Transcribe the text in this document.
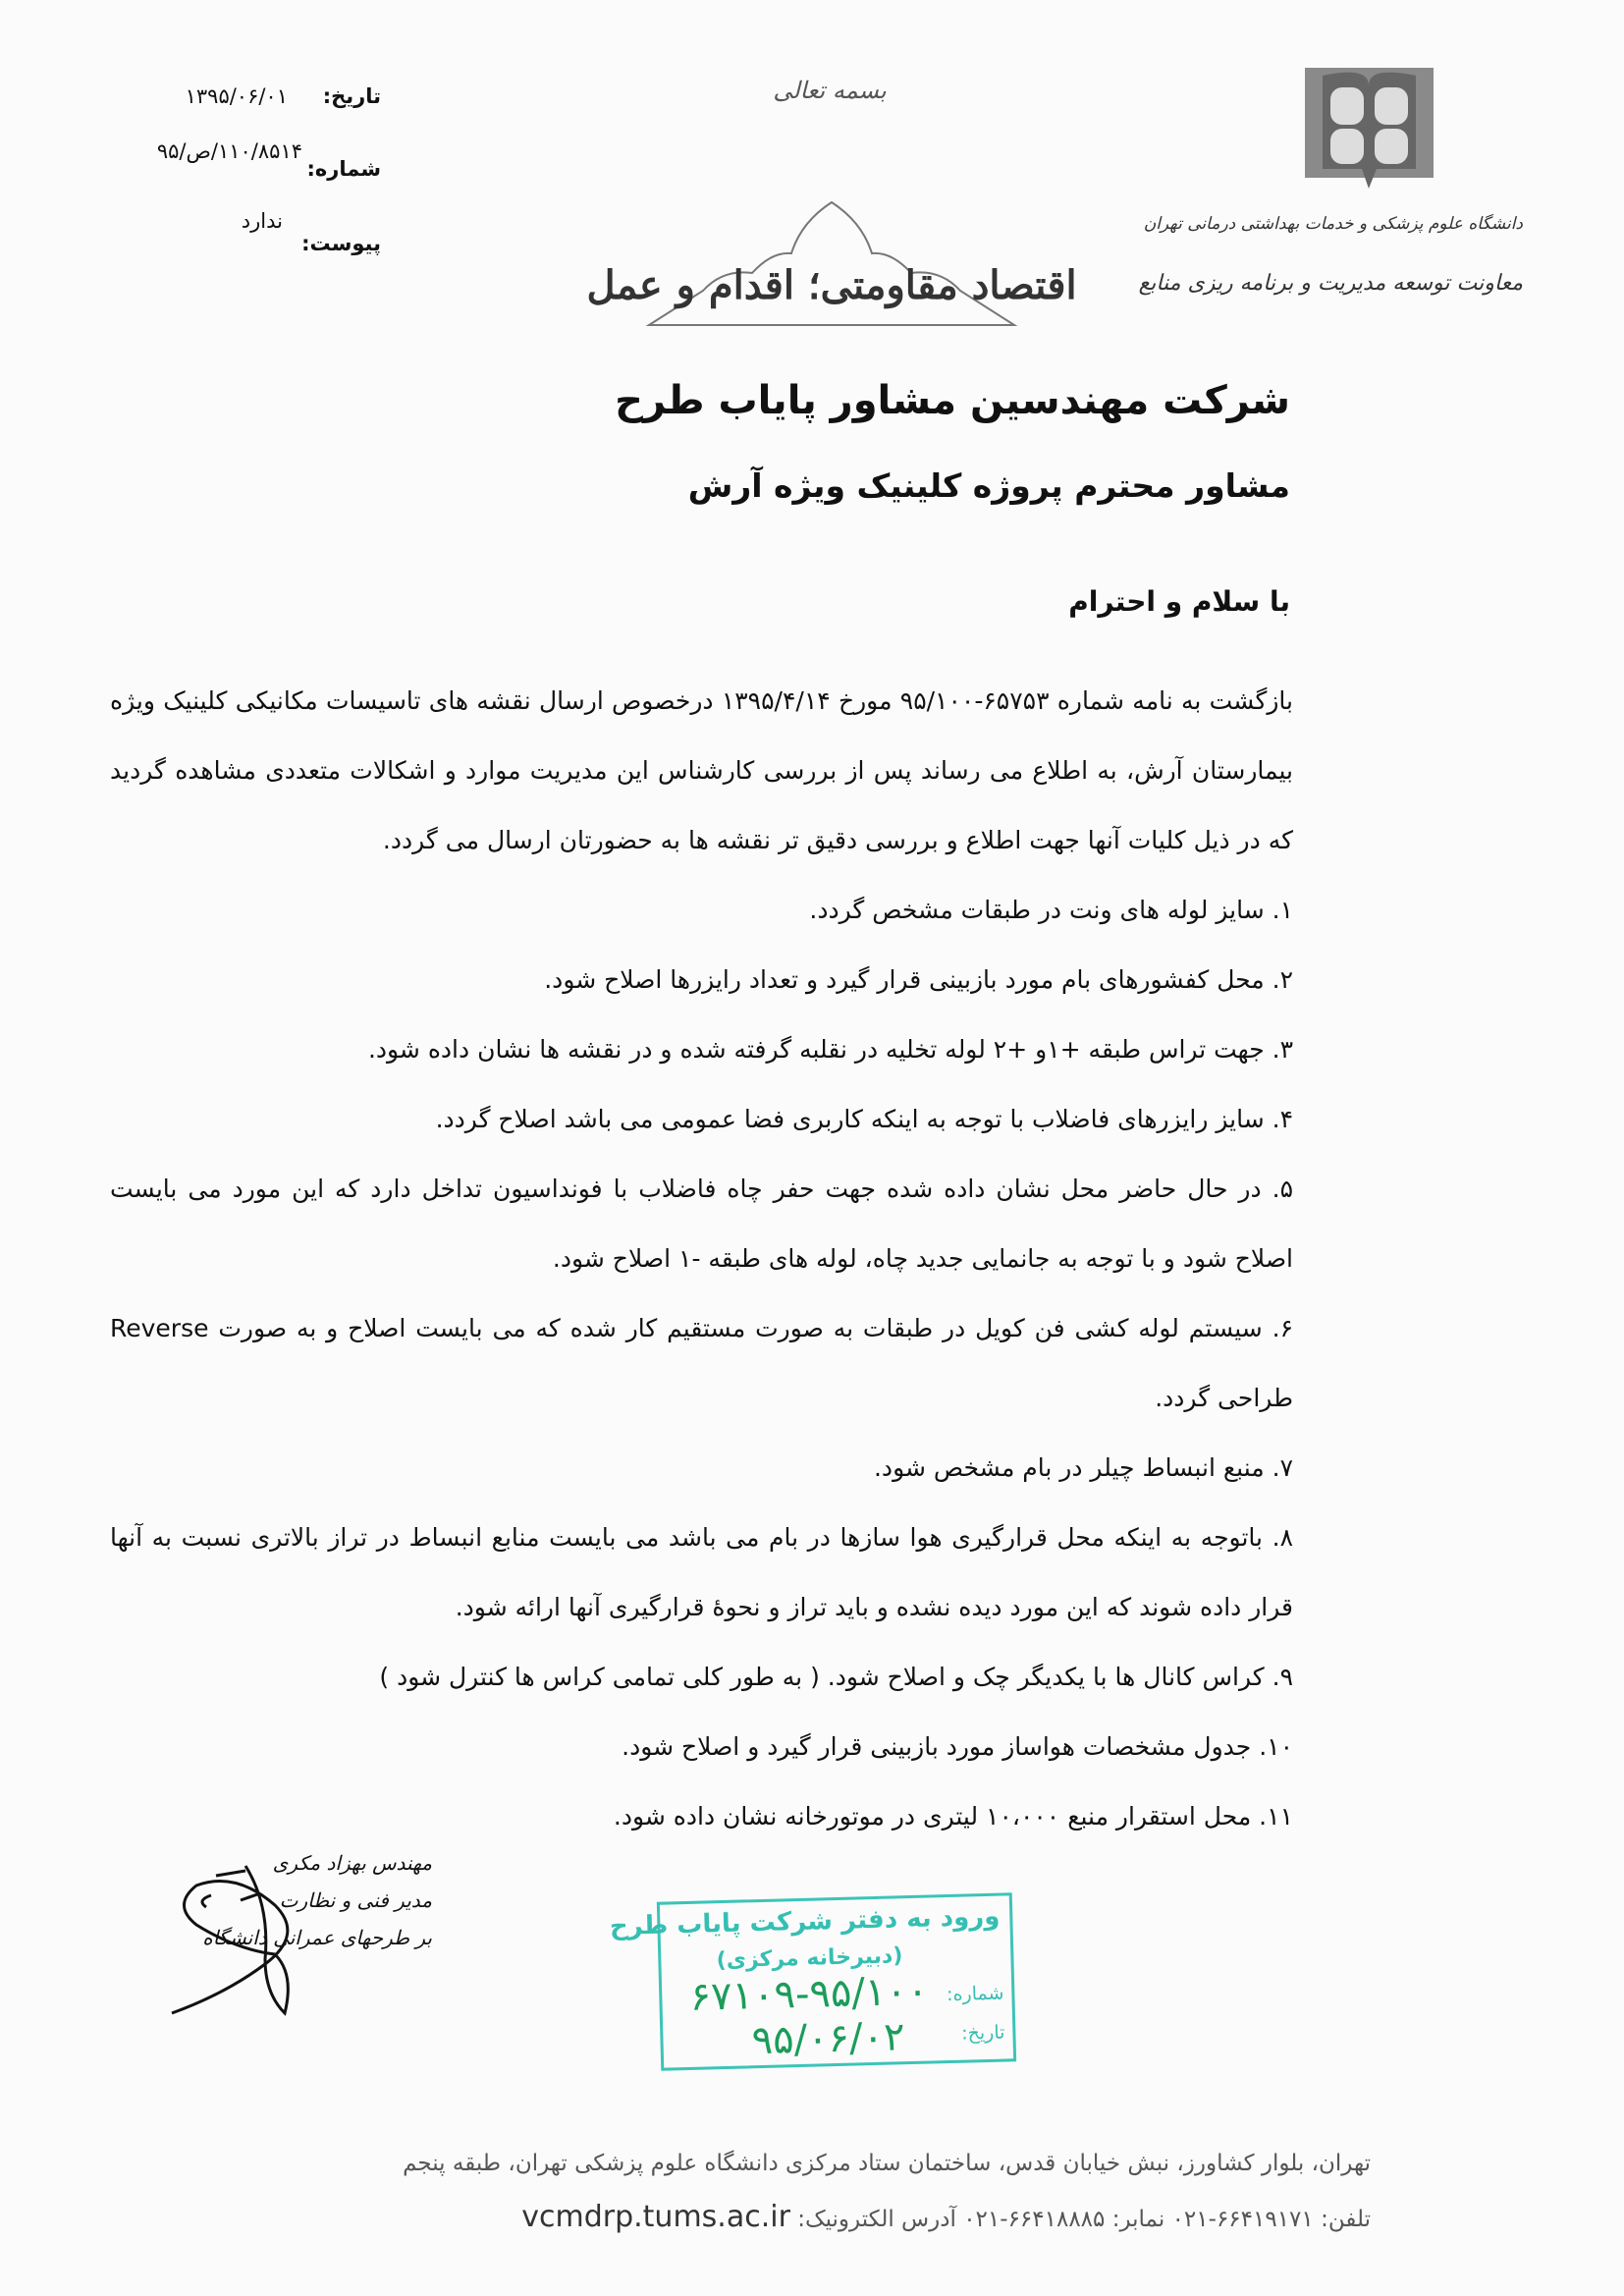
تاریخ:
۱۳۹۵/۰۶/۰۱
شماره:
۱۱۰/۸۵۱۴/ص/۹۵
ندارد
پیوست:
بسمه تعالی
اقتصاد مقاومتی؛ اقدام و عمل
دانشگاه علوم پزشکی و خدمات بهداشتی درمانی تهران
معاونت توسعه مدیریت و برنامه ریزی منابع
شرکت مهندسین مشاور پایاب طرح
مشاور محترم پروژه کلینیک ویژه آرش
با سلام و احترام

بازگشت به نامه شماره ۶۵۷۵۳-۹۵/۱۰۰ مورخ ۱۳۹۵/۴/۱۴ درخصوص ارسال نقشه های تاسیسات مکانیکی کلینیک ویژه بیمارستان آرش، به اطلاع می رساند پس از بررسی کارشناس این مدیریت موارد و اشکالات متعددی مشاهده گردید که در ذیل کلیات آنها جهت اطلاع و بررسی دقیق تر نقشه ها به حضورتان ارسال می گردد.

۱. سایز لوله های ونت در طبقات مشخص گردد.
۲. محل کفشورهای بام مورد بازبینی قرار گیرد و تعداد رایزرها اصلاح شود.
۳. جهت تراس طبقه +۱و +۲ لوله تخلیه در نقلبه گرفته شده و در نقشه ها نشان داده شود.
۴. سایز رایزرهای فاضلاب با توجه به اینکه کاربری فضا عمومی می باشد اصلاح گردد.
۵. در حال حاضر محل نشان داده شده جهت حفر چاه فاضلاب با فونداسیون تداخل دارد که این مورد می بایست اصلاح شود و با توجه به جانمایی جدید چاه، لوله های طبقه -۱ اصلاح شود.
۶. سیستم لوله کشی فن کویل در طبقات به صورت مستقیم کار شده که می بایست اصلاح و به صورت Reverse طراحی گردد.
۷. منبع انبساط چیلر در بام مشخص شود.
۸. باتوجه به اینکه محل قرارگیری هوا سازها در بام می باشد می بایست منابع انبساط در تراز بالاتری نسبت به آنها قرار داده شوند که این مورد دیده نشده و باید تراز و نحوهٔ قرارگیری آنها ارائه شود.
۹. کراس کانال ها با یکدیگر چک و اصلاح شود. ( به طور کلی تمامی کراس ها کنترل شود )
۱۰. جدول مشخصات هواساز مورد بازبینی قرار گیرد و اصلاح شود.
۱۱. محل استقرار منبع ۱۰،۰۰۰ لیتری در موتورخانه نشان داده شود.
مهندس بهزاد مکری
مدیر فنی و نظارت
بر طرحهای عمرانی دانشگاه	ورود به دفتر شرکت پایاب طرح
(دبیرخانه مرکزی)
شماره:
۶۷۱۰۹-۹۵/۱۰۰
تاریخ:
۹۵/۰۶/۰۲
تهران، بلوار کشاورز، نبش خیابان قدس، ساختمان ستاد مرکزی دانشگاه علوم پزشکی تهران، طبقه پنجم
تلفن: ۶۶۴۱۹۱۷۱-۰۲۱ نمابر: ۶۶۴۱۸۸۸۵-۰۲۱ آدرس الکترونیک: vcmdrp.tums.ac.ir
